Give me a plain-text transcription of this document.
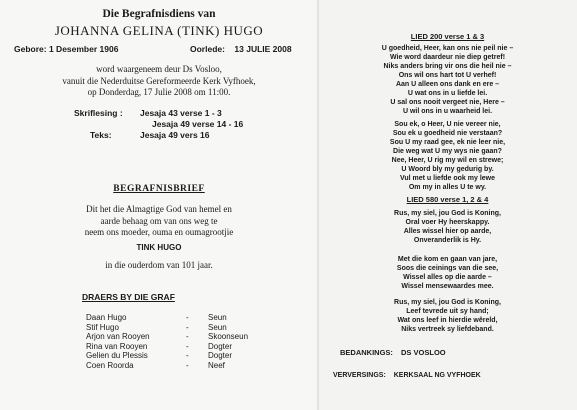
Die Begrafnisdiens van
JOHANNA GELINA (TINK) HUGO
Gebore: 1 Desember 1906	Oorlede: 13 JULIE 2008
word waargeneem deur Ds Vosloo,
vanuit die Nederduitse Gereformeerde Kerk Vyfhoek,
op Donderdag, 17 Julie 2008 om 11:00.
Skriflesing : Jesaja 43 verse 1 - 3
Jesaja 49 verse 14 - 16
Teks:	Jesaja 49 vers 16
BEGRAFNISBRIEF
Dit het die Almagtige God van hemel en
aarde behaag om van ons weg te
neem ons moeder, ouma en oumagrootjie
TINK HUGO
in die ouderdom van 101 jaar.
DRAERS BY DIE GRAF
Daan Hugo	- Seun
Stif Hugo	- Seun
Arjon van Rooyen	- Skoonseun
Rina van Rooyen	- Dogter
Gelien du Plessis	- Dogter
Coen Roorda	- Neef
LIED 200 verse 1 & 3
U goedheid, Heer, kan ons nie peil nie –
Wie word daardeur nie diep getref!
Niks anders bring vir ons die heil nie –
Ons wil ons hart tot U verhef!
Aan U alleen ons dank en ere –
U wat ons in u liefde lei.
U sal ons nooit vergeet nie, Here –
U wil ons in u waarheid lei.
Sou ek, o Heer, U nie vereer nie,
Sou ek u goedheid nie verstaan?
Sou U my raad gee, ek nie leer nie,
Die weg wat U my wys nie gaan?
Nee, Heer, U rig my wil en strewe;
U Woord bly my gedurig by.
Vul met u liefde ook my lewe
Om my in alles U te wy.
LIED 580 verse 1, 2 & 4
Rus, my siel, jou God is Koning,
Oral voer Hy heerskappy.
Alles wissel hier op aarde,
Onveranderlik is Hy.
Met die kom en gaan van jare,
Soos die ceinings van die see,
Wissel alles op die aarde –
Wissel mensewaardes mee.
Rus, my siel, jou God is Koning,
Leef tevrede uit sy hand;
Wat ons leef in hierdie wêreld,
Niks vertreek sy liefdeband.
BEDANKINGS: DS VOSLOO
VERVERSINGS: KERKSAAL NG VYFHOEK
